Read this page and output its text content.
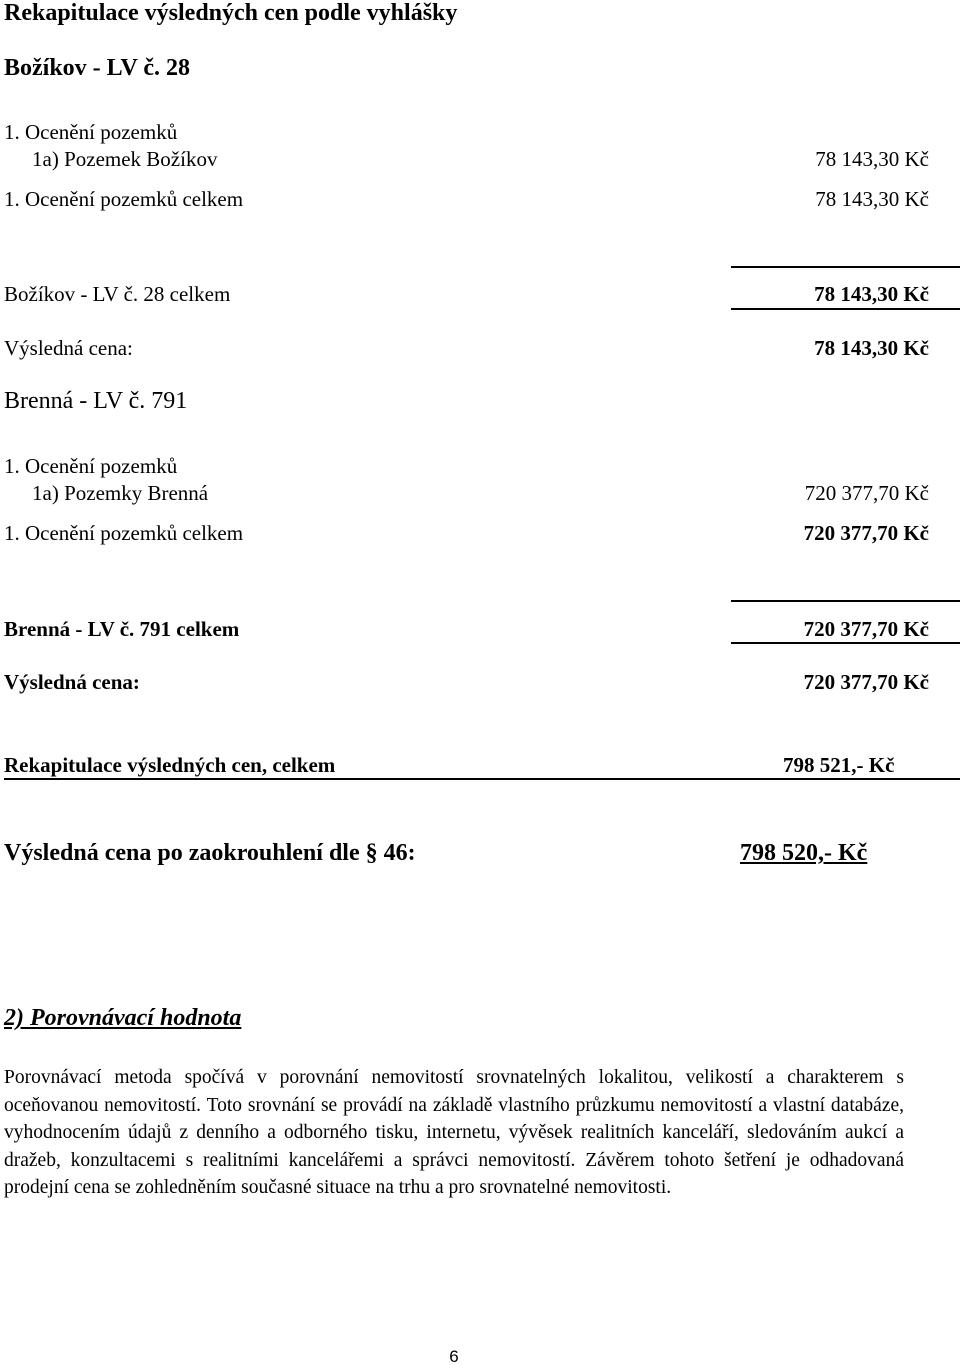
Rekapitulace výsledných cen podle vyhlášky
Božíkov - LV č. 28
1. Ocenění pozemků
1a) Pozemek Božíkov	78 143,30 Kč
1. Ocenění pozemků celkem	78 143,30 Kč
Božíkov - LV č. 28 celkem	78 143,30 Kč
Výsledná cena:	78 143,30 Kč
Brenná - LV č. 791
1. Ocenění pozemků
1a) Pozemky Brenná	720 377,70 Kč
1. Ocenění pozemků celkem	720 377,70 Kč
Brenná - LV č. 791 celkem	720 377,70 Kč
Výsledná cena:	720 377,70 Kč
Rekapitulace výsledných cen, celkem	798 521,- Kč
Výsledná cena po zaokrouhlení dle § 46:	798 520,- Kč
2) Porovnávací hodnota
Porovnávací metoda spočívá v porovnání nemovitostí srovnatelných lokalitou, velikostí a charakterem s oceňovanou nemovitostí. Toto srovnání se provádí na základě vlastního průzkumu nemovitostí a vlastní databáze, vyhodnocením údajů z denního a odborného tisku, internetu, vývěsek realitních kanceláří, sledováním aukcí a dražeb, konzultacemi s realitními kancelářemi a správci nemovitostí. Závěrem tohoto šetření je odhadovaná prodejní cena se zohledněním současné situace na trhu a pro srovnatelné nemovitosti.
6
